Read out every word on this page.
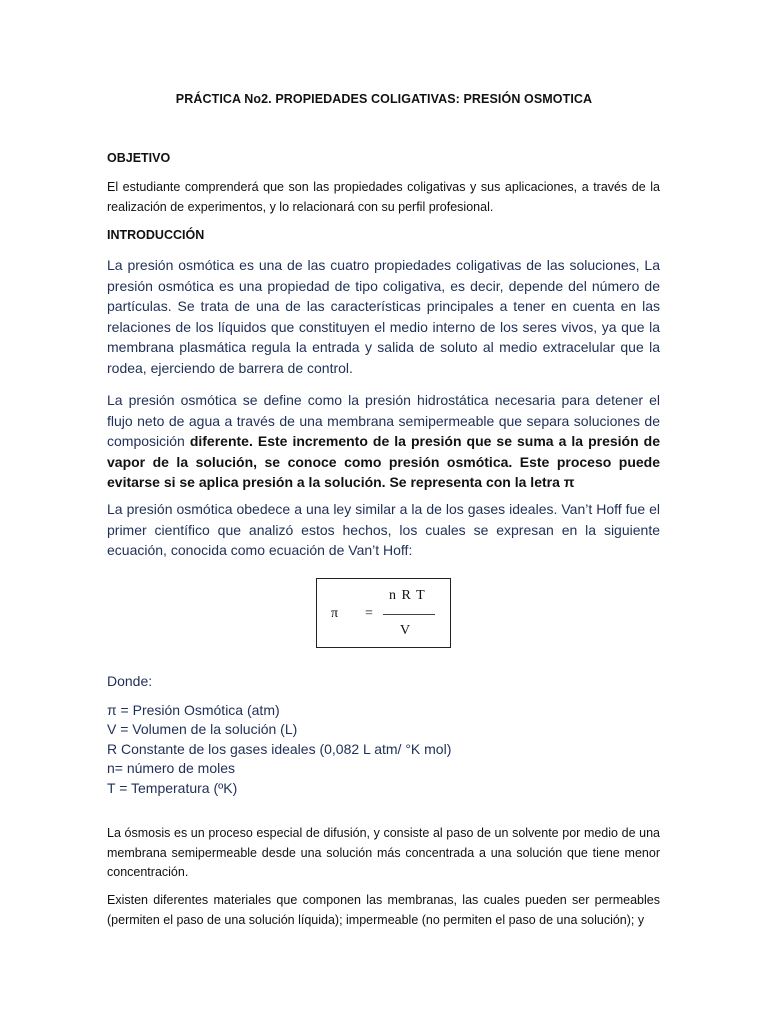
PRÁCTICA No2. PROPIEDADES COLIGATIVAS: PRESIÓN OSMOTICA
OBJETIVO
El estudiante comprenderá que son las propiedades coligativas y sus aplicaciones, a través de la realización de experimentos, y lo relacionará con su perfil profesional.
INTRODUCCIÓN
La presión osmótica es una de las cuatro propiedades coligativas de las soluciones, La presión osmótica es una propiedad de tipo coligativa, es decir, depende del número de partículas. Se trata de una de las características principales a tener en cuenta en las relaciones de los líquidos que constituyen el medio interno de los seres vivos, ya que la membrana plasmática regula la entrada y salida de soluto al medio extracelular que la rodea, ejerciendo de barrera de control.
La presión osmótica se define como la presión hidrostática necesaria para detener el flujo neto de agua a través de una membrana semipermeable que separa soluciones de composición diferente. Este incremento de la presión que se suma a la presión de vapor de la solución, se conoce como presión osmótica. Este proceso puede evitarse si se aplica presión a la solución. Se representa con la letra π
La presión osmótica obedece a una ley similar a la de los gases ideales. Van’t Hoff fue el primer científico que analizó estos hechos, los cuales se expresan en la siguiente ecuación, conocida como ecuación de Van’t Hoff:
π =
n R T
V
Donde:
π = Presión Osmótica (atm)
V = Volumen de la solución (L)
R Constante de los gases ideales (0,082 L atm/ °K mol)
n= número de moles
T = Temperatura (ºK)
La ósmosis es un proceso especial de difusión, y consiste al paso de un solvente por medio de una membrana semipermeable desde una solución más concentrada a una solución que tiene menor concentración.
Existen diferentes materiales que componen las membranas, las cuales pueden ser permeables (permiten el paso de una solución líquida); impermeable (no permiten el paso de una solución); y
